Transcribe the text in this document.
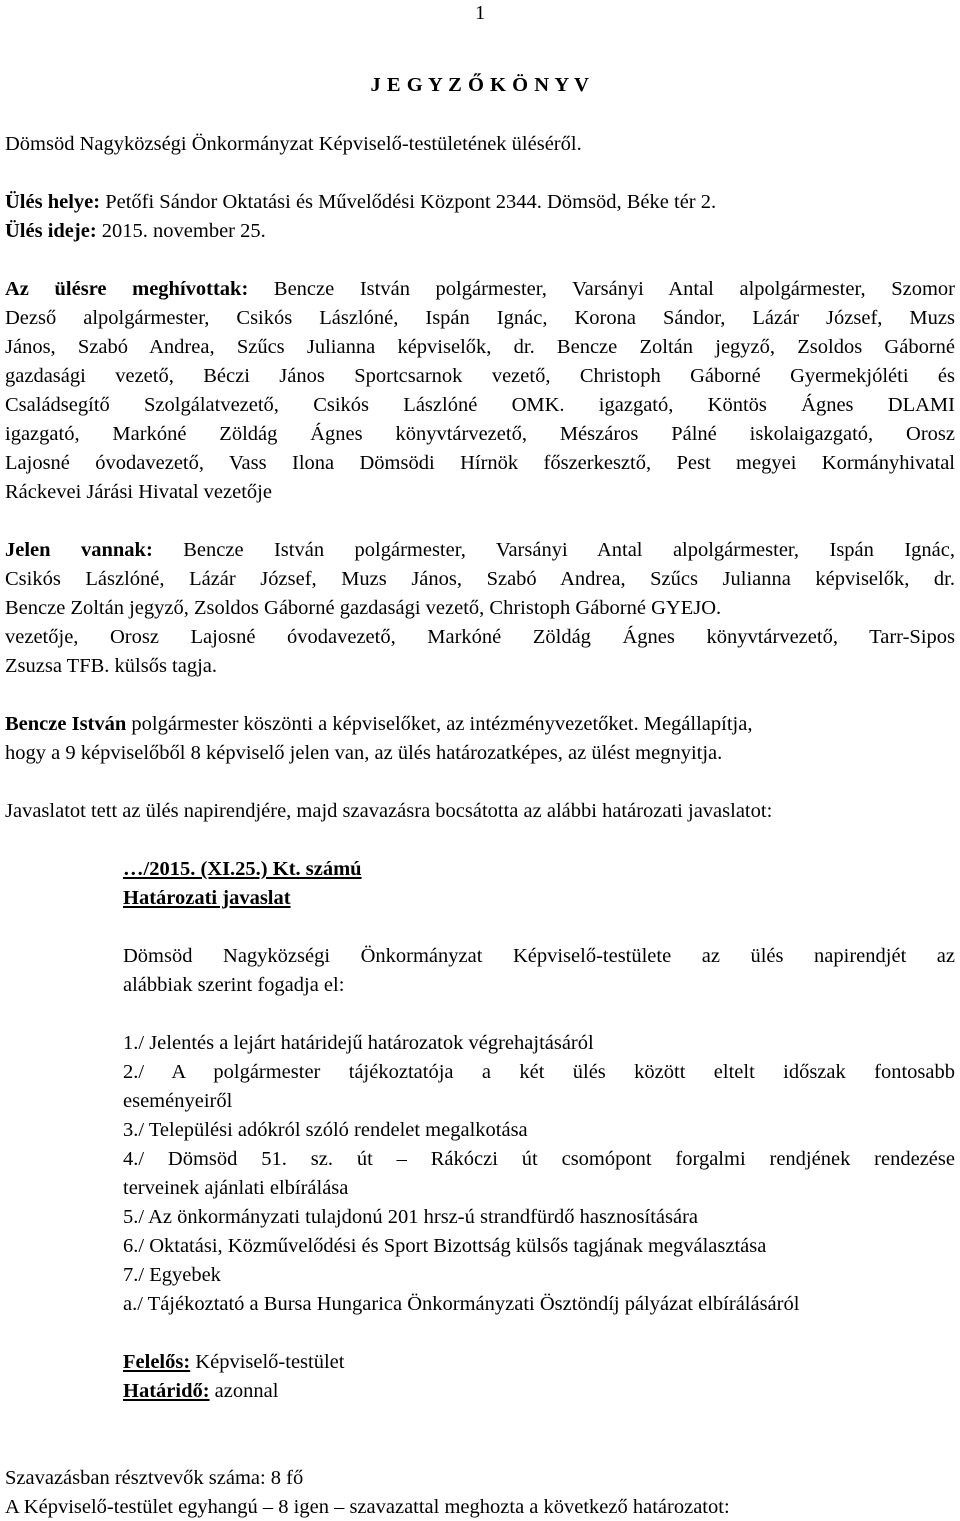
1
J E G Y Z Ő K Ö N Y V
Dömsöd Nagyközségi Önkormányzat Képviselő-testületének üléséről.
Ülés helye: Petőfi Sándor Oktatási és Művelődési Központ 2344. Dömsöd, Béke tér 2.
Ülés ideje: 2015. november 25.
Az ülésre meghívottak: Bencze István polgármester, Varsányi Antal alpolgármester, Szomor
Dezső alpolgármester, Csikós Lászlóné, Ispán Ignác, Korona Sándor, Lázár József, Muzs
János, Szabó Andrea, Szűcs Julianna képviselők, dr. Bencze Zoltán jegyző, Zsoldos Gáborné
gazdasági vezető, Béczi János Sportcsarnok vezető, Christoph Gáborné Gyermekjóléti és
Családsegítő Szolgálatvezető, Csikós Lászlóné OMK. igazgató, Köntös Ágnes DLAMI
igazgató, Markóné Zöldág Ágnes könyvtárvezető, Mészáros Pálné iskolaigazgató, Orosz
Lajosné óvodavezető, Vass Ilona Dömsödi Hírnök főszerkesztő, Pest megyei Kormányhivatal
Ráckevei Járási Hivatal vezetője
Jelen vannak: Bencze István polgármester, Varsányi Antal alpolgármester, Ispán Ignác,
Csikós Lászlóné, Lázár József, Muzs János, Szabó Andrea, Szűcs Julianna képviselők, dr.
Bencze Zoltán jegyző, Zsoldos Gáborné gazdasági vezető, Christoph Gáborné GYEJO.
vezetője, Orosz Lajosné óvodavezető, Markóné Zöldág Ágnes könyvtárvezető, Tarr-Sipos
Zsuzsa TFB. külsős tagja.
Bencze István polgármester köszönti a képviselőket, az intézményvezetőket. Megállapítja,
hogy a 9 képviselőből 8 képviselő jelen van, az ülés határozatképes, az ülést megnyitja.
Javaslatot tett az ülés napirendjére, majd szavazásra bocsátotta az alábbi határozati javaslatot:
…/2015. (XI.25.) Kt. számú
Határozati javaslat
Dömsöd Nagyközségi Önkormányzat Képviselő-testülete az ülés napirendjét az
alábbiak szerint fogadja el:
1./ Jelentés a lejárt határidejű határozatok végrehajtásáról
2./ A polgármester tájékoztatója a két ülés között eltelt időszak fontosabb
eseményeiről
3./ Települési adókról szóló rendelet megalkotása
4./ Dömsöd 51. sz. út – Rákóczi út csomópont forgalmi rendjének rendezése
terveinek ajánlati elbírálása
5./ Az önkormányzati tulajdonú 201 hrsz-ú strandfürdő hasznosítására
6./ Oktatási, Közművelődési és Sport Bizottság külsős tagjának megválasztása
7./ Egyebek
a./ Tájékoztató a Bursa Hungarica Önkormányzati Ösztöndíj pályázat elbírálásáról
Felelős: Képviselő-testület
Határidő: azonnal
Szavazásban résztvevők száma: 8 fő
A Képviselő-testület egyhangú – 8 igen – szavazattal meghozta a következő határozatot:
